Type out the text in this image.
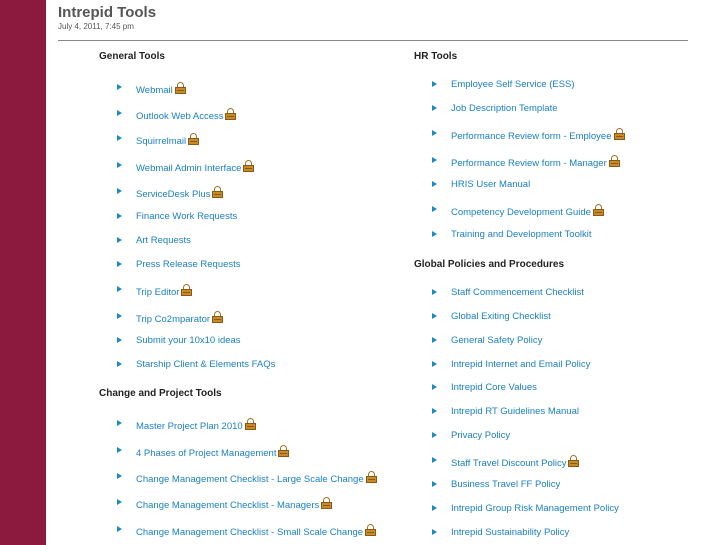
Intrepid Tools
July 4, 2011, 7:45 pm
General Tools
Webmail
Outlook Web Access
Squirrelmail
Webmail Admin Interface
ServiceDesk Plus
Finance Work Requests
Art Requests
Press Release Requests
Trip Editor
Trip Co2mparator
Submit your 10x10 ideas
Starship Client & Elements FAQs
Change and Project Tools
Master Project Plan 2010
4 Phases of Project Management
Change Management Checklist - Large Scale Change
Change Management Checklist - Managers
Change Management Checklist - Small Scale Change
HR Tools
Employee Self Service (ESS)
Job Description Template
Performance Review form - Employee
Performance Review form - Manager
HRIS User Manual
Competency Development Guide
Training and Development Toolkit
Global Policies and Procedures
Staff Commencement Checklist
Global Exiting Checklist
General Safety Policy
Intrepid Internet and Email Policy
Intrepid Core Values
Intrepid RT Guidelines Manual
Privacy Policy
Staff Travel Discount Policy
Business Travel FF Policy
Intrepid Group Risk Management Policy
Intrepid Sustainability Policy
